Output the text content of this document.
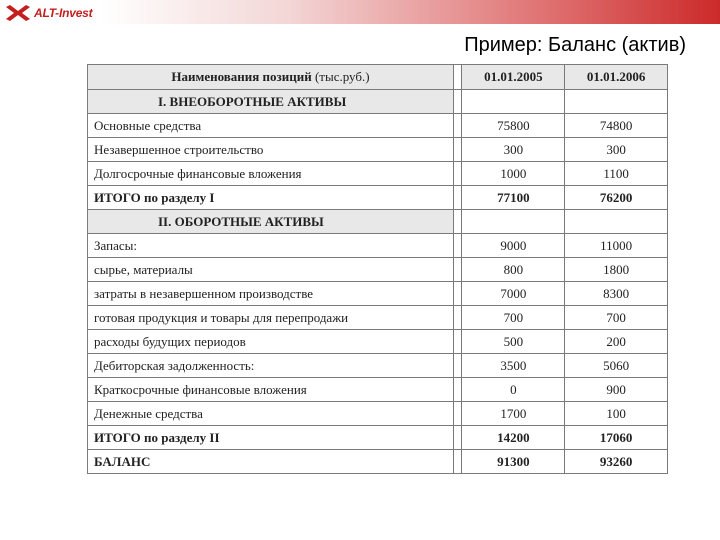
ALT-Invest
Пример: Баланс (актив)
Наименования позиций (тыс.руб.)		01.01.2005	01.01.2006
I. ВНЕОБОРОТНЫЕ АКТИВЫ			
Основные средства		75800	74800
Незавершенное строительство		300	300
Долгосрочные финансовые вложения		1000	1100
ИТОГО по разделу I		77100	76200
II. ОБОРОТНЫЕ АКТИВЫ			
Запасы:		9000	11000
сырье, материалы		800	1800
затраты в незавершенном производстве		7000	8300
готовая продукция и товары для перепродажи		700	700
расходы будущих периодов		500	200
Дебиторская задолженность:		3500	5060
Краткосрочные финансовые вложения		0	900
Денежные средства		1700	100
ИТОГО по разделу II		14200	17060
БАЛАНС		91300	93260
